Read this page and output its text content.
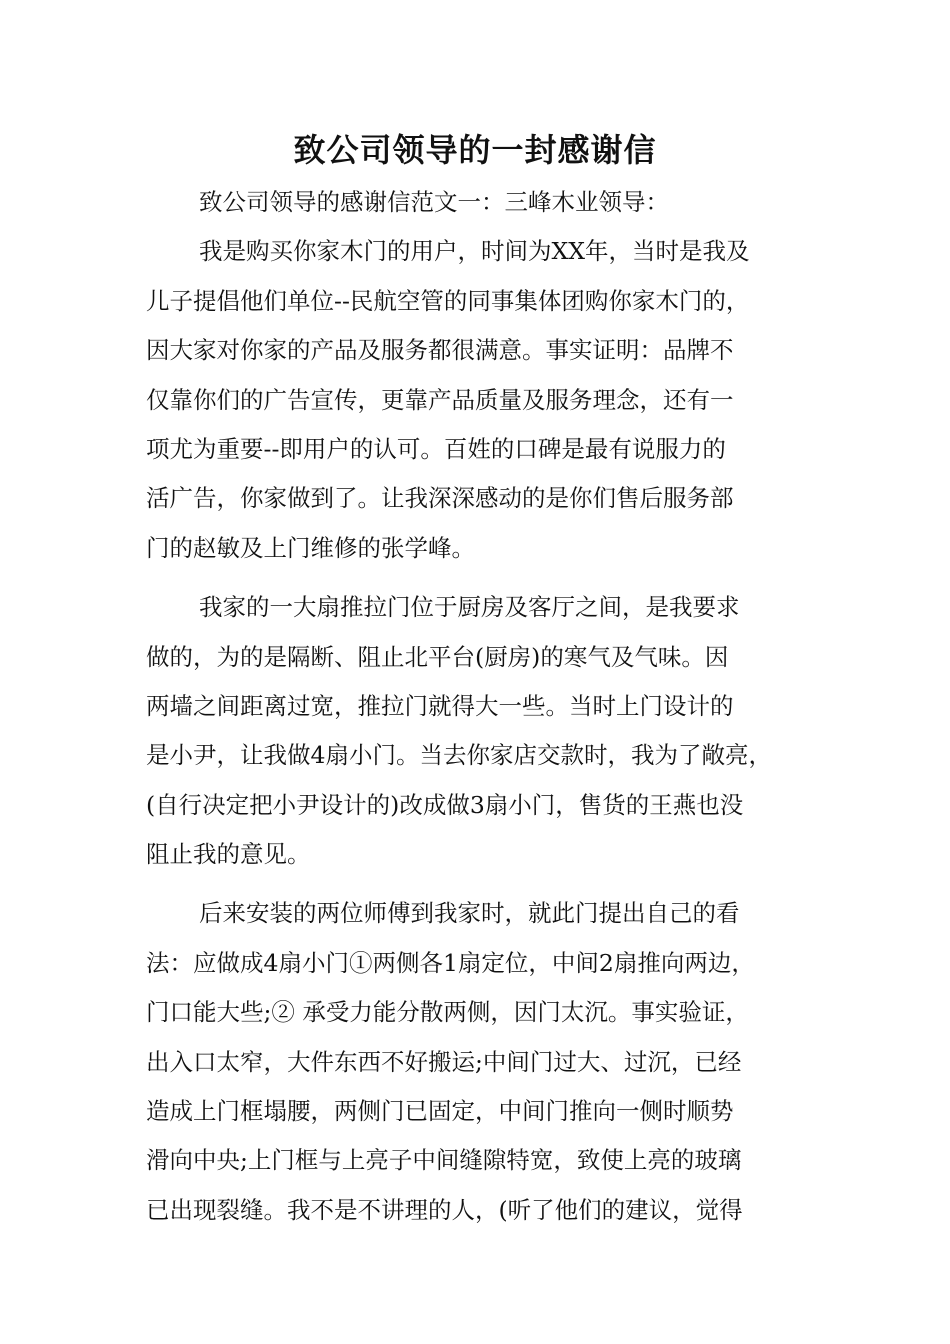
致公司领导的一封感谢信
致公司领导的感谢信范文一：三峰木业领导：
我是购买你家木门的用户，时间为XX年，当时是我及
儿子提倡他们单位--民航空管的同事集体团购你家木门的，
因大家对你家的产品及服务都很满意。事实证明：品牌不
仅靠你们的广告宣传，更靠产品质量及服务理念，还有一
项尤为重要--即用户的认可。百姓的口碑是最有说服力的
活广告，你家做到了。让我深深感动的是你们售后服务部
门的赵敏及上门维修的张学峰。
我家的一大扇推拉门位于厨房及客厅之间，是我要求
做的，为的是隔断、阻止北平台(厨房)的寒气及气味。因
两墙之间距离过宽，推拉门就得大一些。当时上门设计的
是小尹，让我做4扇小门。当去你家店交款时，我为了敞亮，
(自行决定把小尹设计的)改成做3扇小门，售货的王燕也没
阻止我的意见。
后来安装的两位师傅到我家时，就此门提出自己的看
法：应做成4扇小门①两侧各1扇定位，中间2扇推向两边，
门口能大些;② 承受力能分散两侧，因门太沉。事实验证，
出入口太窄，大件东西不好搬运;中间门过大、过沉，已经
造成上门框塌腰，两侧门已固定，中间门推向一侧时顺势
滑向中央;上门框与上亮子中间缝隙特宽，致使上亮的玻璃
已出现裂缝。我不是不讲理的人，(听了他们的建议，觉得
